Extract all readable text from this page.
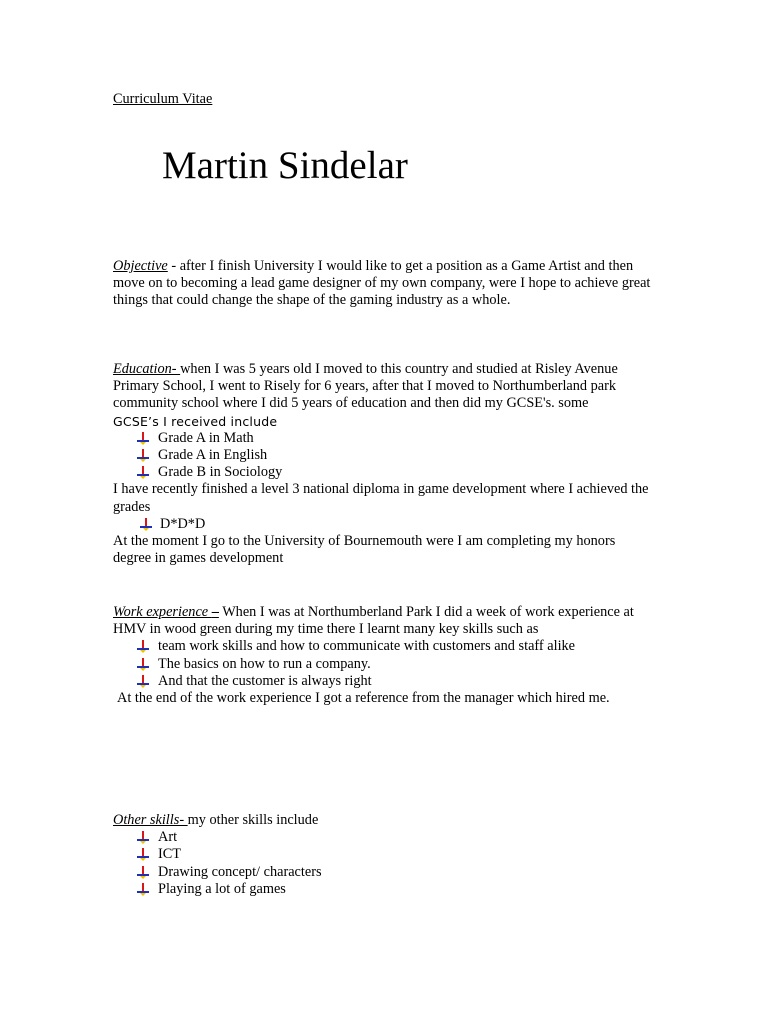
Curriculum Vitae
Martin Sindelar

Objective - after I finish University I would like to get a position as a Game Artist and then move on to becoming a lead game designer of my own company, were I hope to achieve great things that could change the shape of the gaming industry as a whole.

Education- when I was 5 years old I moved to this country and studied at Risley Avenue Primary School, I went to Risely for 6 years, after that I moved to Northumberland park community school where I did 5 years of education and then did my GCSE's. some

GCSE’s I received include

Grade A in Math
Grade A in English
Grade B in Sociology

I have recently finished a level 3 national diploma in game development where I achieved the grades

D*D*D

At the moment I go to the University of Bournemouth were I am completing my honors degree in games development

Work experience – When I was at Northumberland Park I did a week of work experience at HMV in wood green during my time there I learnt many key skills such as

team work skills and how to communicate with customers and staff alike
The basics on how to run a company.
And that the customer is always right

At the end of the work experience I got a reference from the manager which hired me.

Other skills- my other skills include

Art
ICT
Drawing concept/ characters
Playing a lot of games
